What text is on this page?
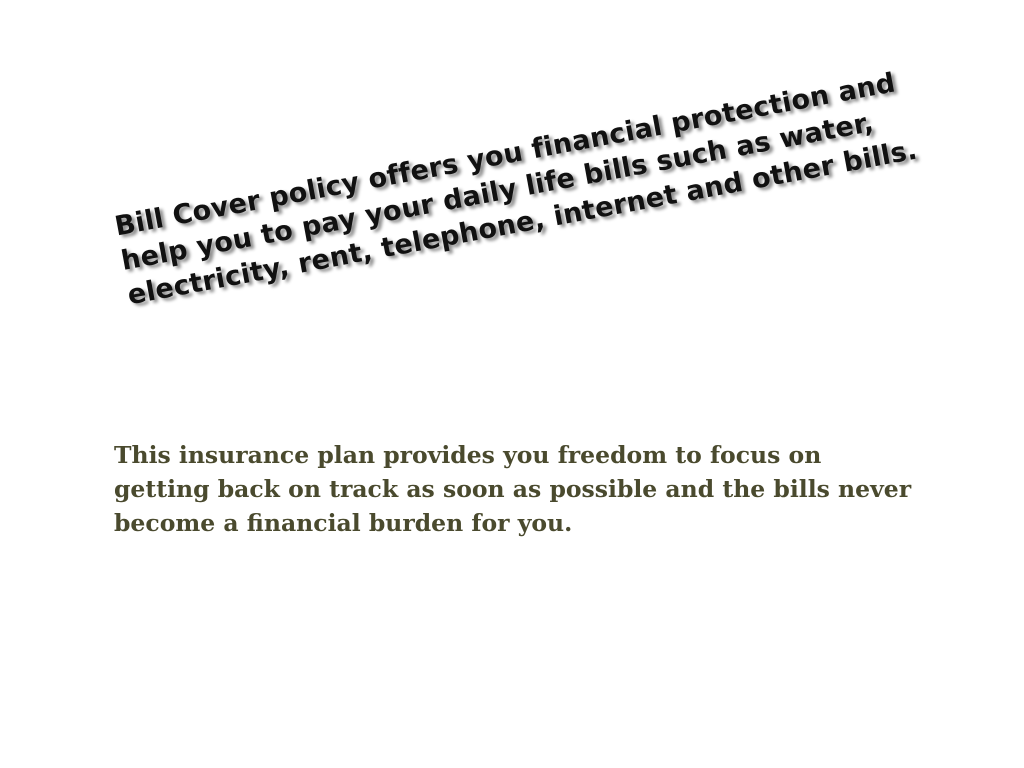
Bill Cover policy offers you financial protection and help you to pay your daily life bills such as water, electricity, rent, telephone, internet and other bills.

This insurance plan provides you freedom to focus on getting back on track as soon as possible and the bills never become a financial burden for you.
